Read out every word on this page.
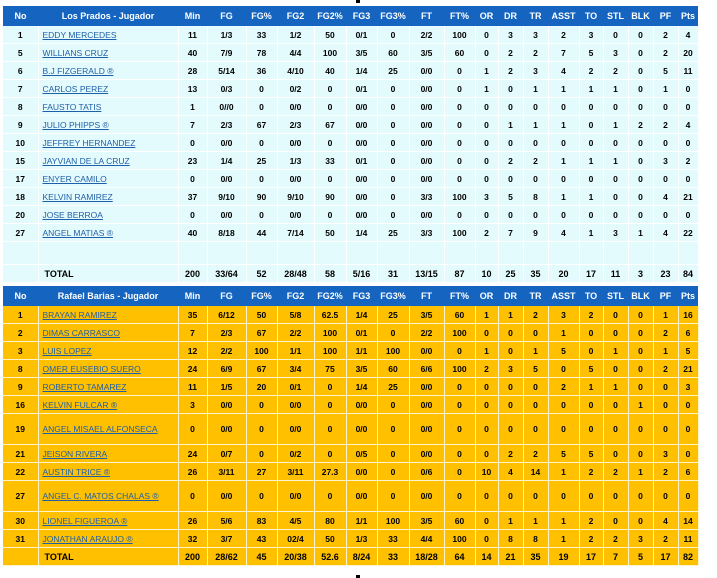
No	Los Prados - Jugador	Min	FG	FG%	FG2	FG2%	FG3	FG3%	FT	FT%	OR	DR	TR	ASST	TO	STL	BLK	PF	Pts
1	EDDY MERCEDES	11	1/3	33	1/2	50	0/1	0	2/2	100	0	3	3	2	3	0	0	2	4
5	WILLIANS CRUZ	40	7/9	78	4/4	100	3/5	60	3/5	60	0	2	2	7	5	3	0	2	20
6	B.J FIZGERALD ®	28	5/14	36	4/10	40	1/4	25	0/0	0	1	2	3	4	2	2	0	5	11
7	CARLOS PEREZ	13	0/3	0	0/2	0	0/1	0	0/0	0	1	0	1	1	1	1	0	1	0
8	FAUSTO TATIS	1	0//0	0	0/0	0	0/0	0	0/0	0	0	0	0	0	0	0	0	0	0
9	JULIO PHIPPS ®	7	2/3	67	2/3	67	0/0	0	0/0	0	0	1	1	1	0	1	2	2	4
10	JEFFREY HERNANDEZ	0	0/0	0	0/0	0	0/0	0	0/0	0	0	0	0	0	0	0	0	0	0
15	JAYVIAN DE LA CRUZ	23	1/4	25	1/3	33	0/1	0	0/0	0	0	2	2	1	1	1	0	3	2
17	ENYER CAMILO	0	0/0	0	0/0	0	0/0	0	0/0	0	0	0	0	0	0	0	0	0	0
18	KELVIN RAMIREZ	37	9/10	90	9/10	90	0/0	0	3/3	100	3	5	8	1	1	0	0	4	21
20	JOSE BERROA	0	0/0	0	0/0	0	0/0	0	0/0	0	0	0	0	0	0	0	0	0	0
27	ANGEL MATIAS ®	40	8/18	44	7/14	50	1/4	25	3/3	100	2	7	9	4	1	3	1	4	22

	TOTAL	200	33/64	52	28/48	58	5/16	31	13/15	87	10	25	35	20	17	11	3	23	84
No	Rafael Barias - Jugador	Min	FG	FG%	FG2	FG2%	FG3	FG3%	FT	FT%	OR	DR	TR	ASST	TO	STL	BLK	PF	Pts
1	BRAYAN RAMIREZ	35	6/12	50	5/8	62.5	1/4	25	3/5	60	1	1	2	3	2	0	0	1	16
2	DIMAS CARRASCO	7	2/3	67	2/2	100	0/1	0	2/2	100	0	0	0	1	0	0	0	2	6
3	LUIS LOPEZ	12	2/2	100	1/1	100	1/1	100	0/0	0	1	0	1	5	0	1	0	1	5
8	OMER EUSEBIO SUERO	24	6/9	67	3/4	75	3/5	60	6/6	100	2	3	5	0	5	0	0	2	21
9	ROBERTO TAMAREZ	11	1/5	20	0/1	0	1/4	25	0/0	0	0	0	0	2	1	1	0	0	3
16	KELVIN FULCAR ®	3	0/0	0	0/0	0	0/0	0	0/0	0	0	0	0	0	0	0	1	0	0
19	ANGEL MISAEL ALFONSECA	0	0/0	0	0/0	0	0/0	0	0/0	0	0	0	0	0	0	0	0	0	0
21	JEISON RIVERA	24	0/7	0	0/2	0	0/5	0	0/0	0	0	2	2	5	5	0	0	3	0
22	AUSTIN TRICE ®	26	3/11	27	3/11	27.3	0/0	0	0/6	0	10	4	14	1	2	2	1	2	6
27	ANGEL C. MATOS CHALAS ®	0	0/0	0	0/0	0	0/0	0	0/0	0	0	0	0	0	0	0	0	0	0
30	LIONEL FIGUEROA ®	26	5/6	83	4/5	80	1/1	100	3/5	60	0	1	1	1	2	0	0	4	14
31	JONATHAN ARAUJO ®	32	3/7	43	02/4	50	1/3	33	4/4	100	0	8	8	1	2	2	3	2	11
	TOTAL	200	28/62	45	20/38	52.6	8/24	33	18/28	64	14	21	35	19	17	7	5	17	82
